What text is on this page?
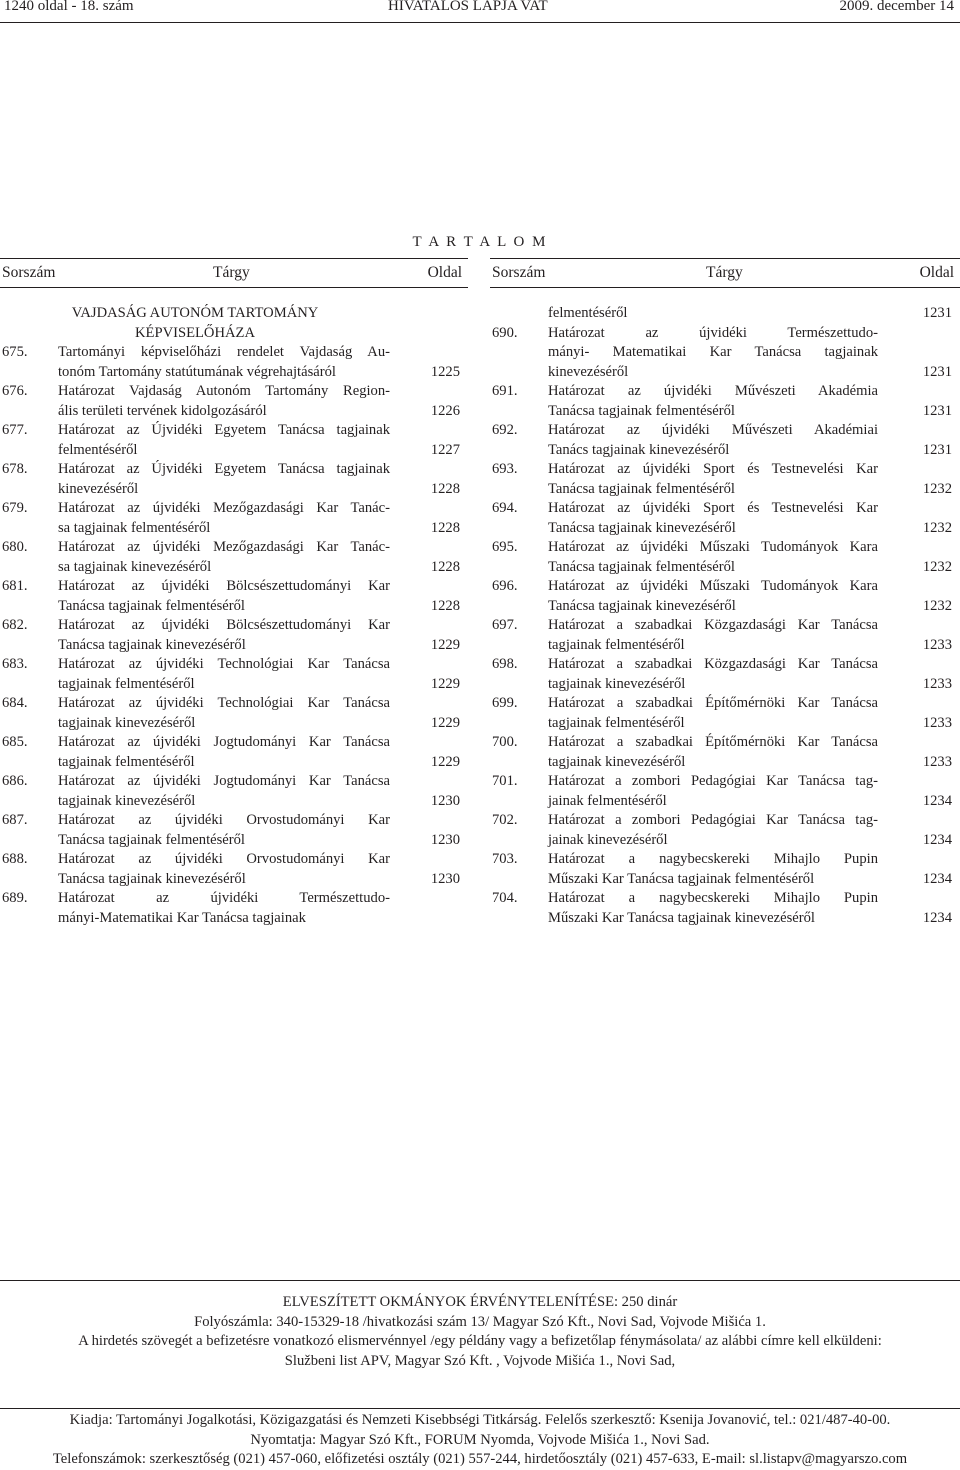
1240 oldal - 18. szám	HIVATALOS LAPJA VAT	2009. december 14
T A R T A L O M
Sorszám	Tárgy	Oldal Sorszám	Tárgy	Oldal
VAJDASÁG AUTONÓM TARTOMÁNY
KÉPVISELŐHÁZA
675. Tartományi képviselőházi rendelet Vajdaság Au-
tonóm Tartomány statútumának végrehajtásáról	1225
676. Határozat Vajdaság Autonóm Tartomány Region-
ális területi tervének kidolgozásáról	1226
677. Határozat az Újvidéki Egyetem Tanácsa tagjainak
felmentéséről	1227
678. Határozat az Újvidéki Egyetem Tanácsa tagjainak
kinevezéséről	1228
679. Határozat az újvidéki Mezőgazdasági Kar Tanác-
sa tagjainak felmentéséről	1228
680. Határozat az újvidéki Mezőgazdasági Kar Tanác-
sa tagjainak kinevezéséről	1228
681. Határozat az újvidéki Bölcsészettudományi Kar
Tanácsa tagjainak felmentéséről	1228
682. Határozat az újvidéki Bölcsészettudományi Kar
Tanácsa tagjainak kinevezéséről	1229
683. Határozat az újvidéki Technológiai Kar Tanácsa
tagjainak felmentéséről	1229
684. Határozat az újvidéki Technológiai Kar Tanácsa
tagjainak kinevezéséről	1229
685. Határozat az újvidéki Jogtudományi Kar Tanácsa
tagjainak felmentéséről	1229
686. Határozat az újvidéki Jogtudományi Kar Tanácsa
tagjainak kinevezéséről	1230
687. Határozat az újvidéki Orvostudományi Kar
Tanácsa tagjainak felmentéséről	1230
688. Határozat az újvidéki Orvostudományi Kar
Tanácsa tagjainak kinevezéséről	1230
689. Határozat az újvidéki Természettudo-
mányi-Matematikai Kar Tanácsa tagjainak
felmentéséről	1231
690. Határozat az újvidéki Természettudo-
mányi- Matematikai Kar Tanácsa tagjainak
kinevezéséről	1231
691. Határozat az újvidéki Művészeti Akadémia
Tanácsa tagjainak felmentéséről	1231
692. Határozat az újvidéki Művészeti Akadémiai
Tanács tagjainak kinevezéséről	1231
693. Határozat az újvidéki Sport és Testnevelési Kar
Tanácsa tagjainak felmentéséről	1232
694. Határozat az újvidéki Sport és Testnevelési Kar
Tanácsa tagjainak kinevezéséről	1232
695. Határozat az újvidéki Műszaki Tudományok Kara
Tanácsa tagjainak felmentéséről	1232
696. Határozat az újvidéki Műszaki Tudományok Kara
Tanácsa tagjainak kinevezéséről	1232
697. Határozat a szabadkai Közgazdasági Kar Tanácsa
tagjainak felmentéséről	1233
698. Határozat a szabadkai Közgazdasági Kar Tanácsa
tagjainak kinevezéséről	1233
699. Határozat a szabadkai Építőmérnöki Kar Tanácsa
tagjainak felmentéséről	1233
700. Határozat a szabadkai Építőmérnöki Kar Tanácsa
tagjainak kinevezéséről	1233
701. Határozat a zombori Pedagógiai Kar Tanácsa tag-
jainak felmentéséről	1234
702. Határozat a zombori Pedagógiai Kar Tanácsa tag-
jainak kinevezéséről	1234
703. Határozat a nagybecskereki Mihajlo Pupin
Műszaki Kar Tanácsa tagjainak felmentéséről	1234
704. Határozat a nagybecskereki Mihajlo Pupin
Műszaki Kar Tanácsa tagjainak kinevezéséről	1234
ELVESZÍTETT OKMÁNYOK ÉRVÉNYTELENÍTÉSE: 250 dinár
Folyószámla: 340-15329-18 /hivatkozási szám 13/ Magyar Szó Kft., Novi Sad, Vojvode Mišića 1.
A hirdetés szövegét a befizetésre vonatkozó elismervénnyel /egy példány vagy a befizetőlap fénymásolata/ az alábbi címre kell elküldeni:
Službeni list APV, Magyar Szó Kft. , Vojvode Mišića 1., Novi Sad,
Kiadja: Tartományi Jogalkotási, Közigazgatási és Nemzeti Kisebbségi Titkárság. Felelős szerkesztő: Ksenija Jovanović, tel.: 021/487-40-00.
Nyomtatja: Magyar Szó Kft., FORUM Nyomda, Vojvode Mišića 1., Novi Sad.
Telefonszámok: szerkesztőség (021) 457-060, előfizetési osztály (021) 557-244, hirdetőosztály (021) 457-633, E-mail: sl.listapv@magyarszo.com
